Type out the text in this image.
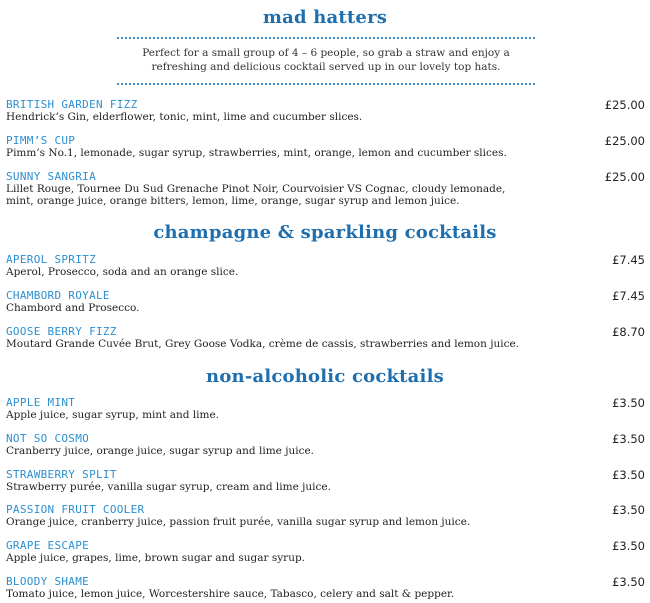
mad hatters
Perfect for a small group of 4 – 6 people, so grab a straw and enjoy a
refreshing and delicious cocktail served up in our lovely top hats.
BRITISH GARDEN FIZZ
Hendrick’s Gin, elderflower, tonic, mint, lime and cucumber slices.
£25.00
PIMM’S CUP
Pimm’s No.1, lemonade, sugar syrup, strawberries, mint, orange, lemon and cucumber slices.
£25.00
SUNNY SANGRIA
Lillet Rouge, Tournee Du Sud Grenache Pinot Noir, Courvoisier VS Cognac, cloudy lemonade,
mint, orange juice, orange bitters, lemon, lime, orange, sugar syrup and lemon juice.
£25.00
champagne & sparkling cocktails
APEROL SPRITZ
Aperol, Prosecco, soda and an orange slice.
£7.45
CHAMBORD ROYALE
Chambord and Prosecco.
£7.45
GOOSE BERRY FIZZ
Moutard Grande Cuvée Brut, Grey Goose Vodka, crème de cassis, strawberries and lemon juice.
£8.70
non-alcoholic cocktails
APPLE MINT
Apple juice, sugar syrup, mint and lime.
£3.50
NOT SO COSMO
Cranberry juice, orange juice, sugar syrup and lime juice.
£3.50
STRAWBERRY SPLIT
Strawberry purée, vanilla sugar syrup, cream and lime juice.
£3.50
PASSION FRUIT COOLER
Orange juice, cranberry juice, passion fruit purée, vanilla sugar syrup and lemon juice.
£3.50
GRAPE ESCAPE
Apple juice, grapes, lime, brown sugar and sugar syrup.
£3.50
BLOODY SHAME
Tomato juice, lemon juice, Worcestershire sauce, Tabasco, celery and salt & pepper.
£3.50
